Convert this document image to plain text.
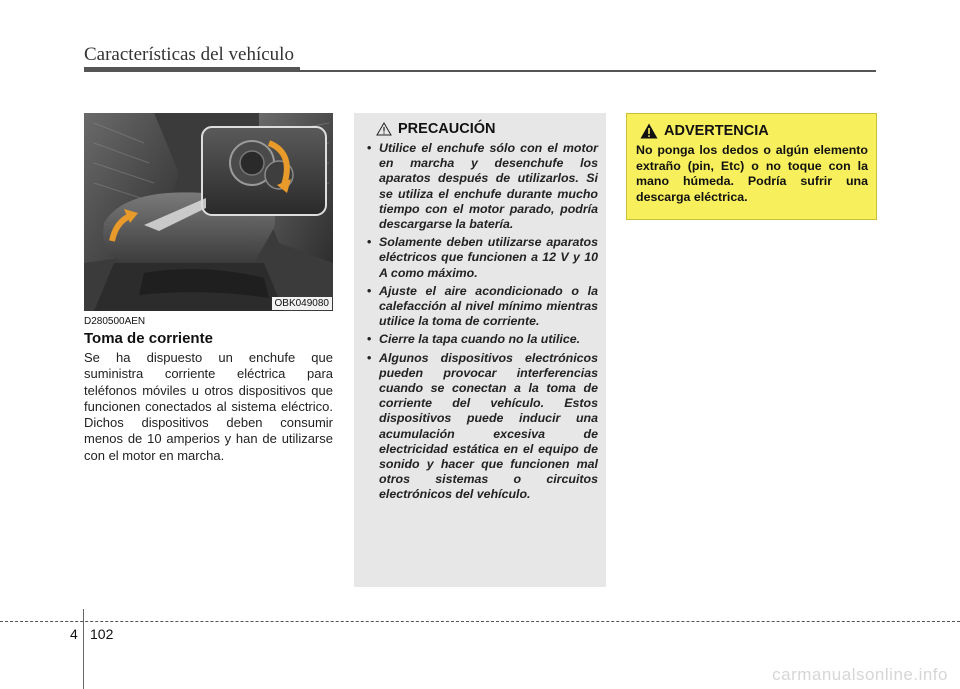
Características del vehículo
OBK049080
D280500AEN
Toma de corriente

Se ha dispuesto un enchufe que suministra corriente eléctrica para teléfonos móviles u otros dispositivos que funcionen conectados al sistema eléctrico. Dichos dispositivos deben consumir menos de 10 amperios y han de utilizarse con el motor en marcha.

PRECAUCIÓN
• Utilice el enchufe sólo con el motor en marcha y desenchufe los aparatos después de utilizarlos. Si se utiliza el enchufe durante mucho tiempo con el motor parado, podría descargarse la batería.
• Solamente deben utilizarse aparatos eléctricos que funcionen a 12 V y 10 A como máximo.
• Ajuste el aire acondicionado o la calefacción al nivel mínimo mientras utilice la toma de corriente.
• Cierre la tapa cuando no la utilice.
• Algunos dispositivos electrónicos pueden provocar interferencias cuando se conectan a la toma de corriente del vehículo. Estos dispositivos puede inducir una acumulación excesiva de electricidad estática en el equipo de sonido y hacer que funcionen mal otros sistemas o circuitos electrónicos del vehículo.
ADVERTENCIA

No ponga los dedos o algún elemento extraño (pin, Etc) o no toque con la mano húmeda. Podría sufrir una descarga eléctrica.

4 102
carmanualsonline.info
